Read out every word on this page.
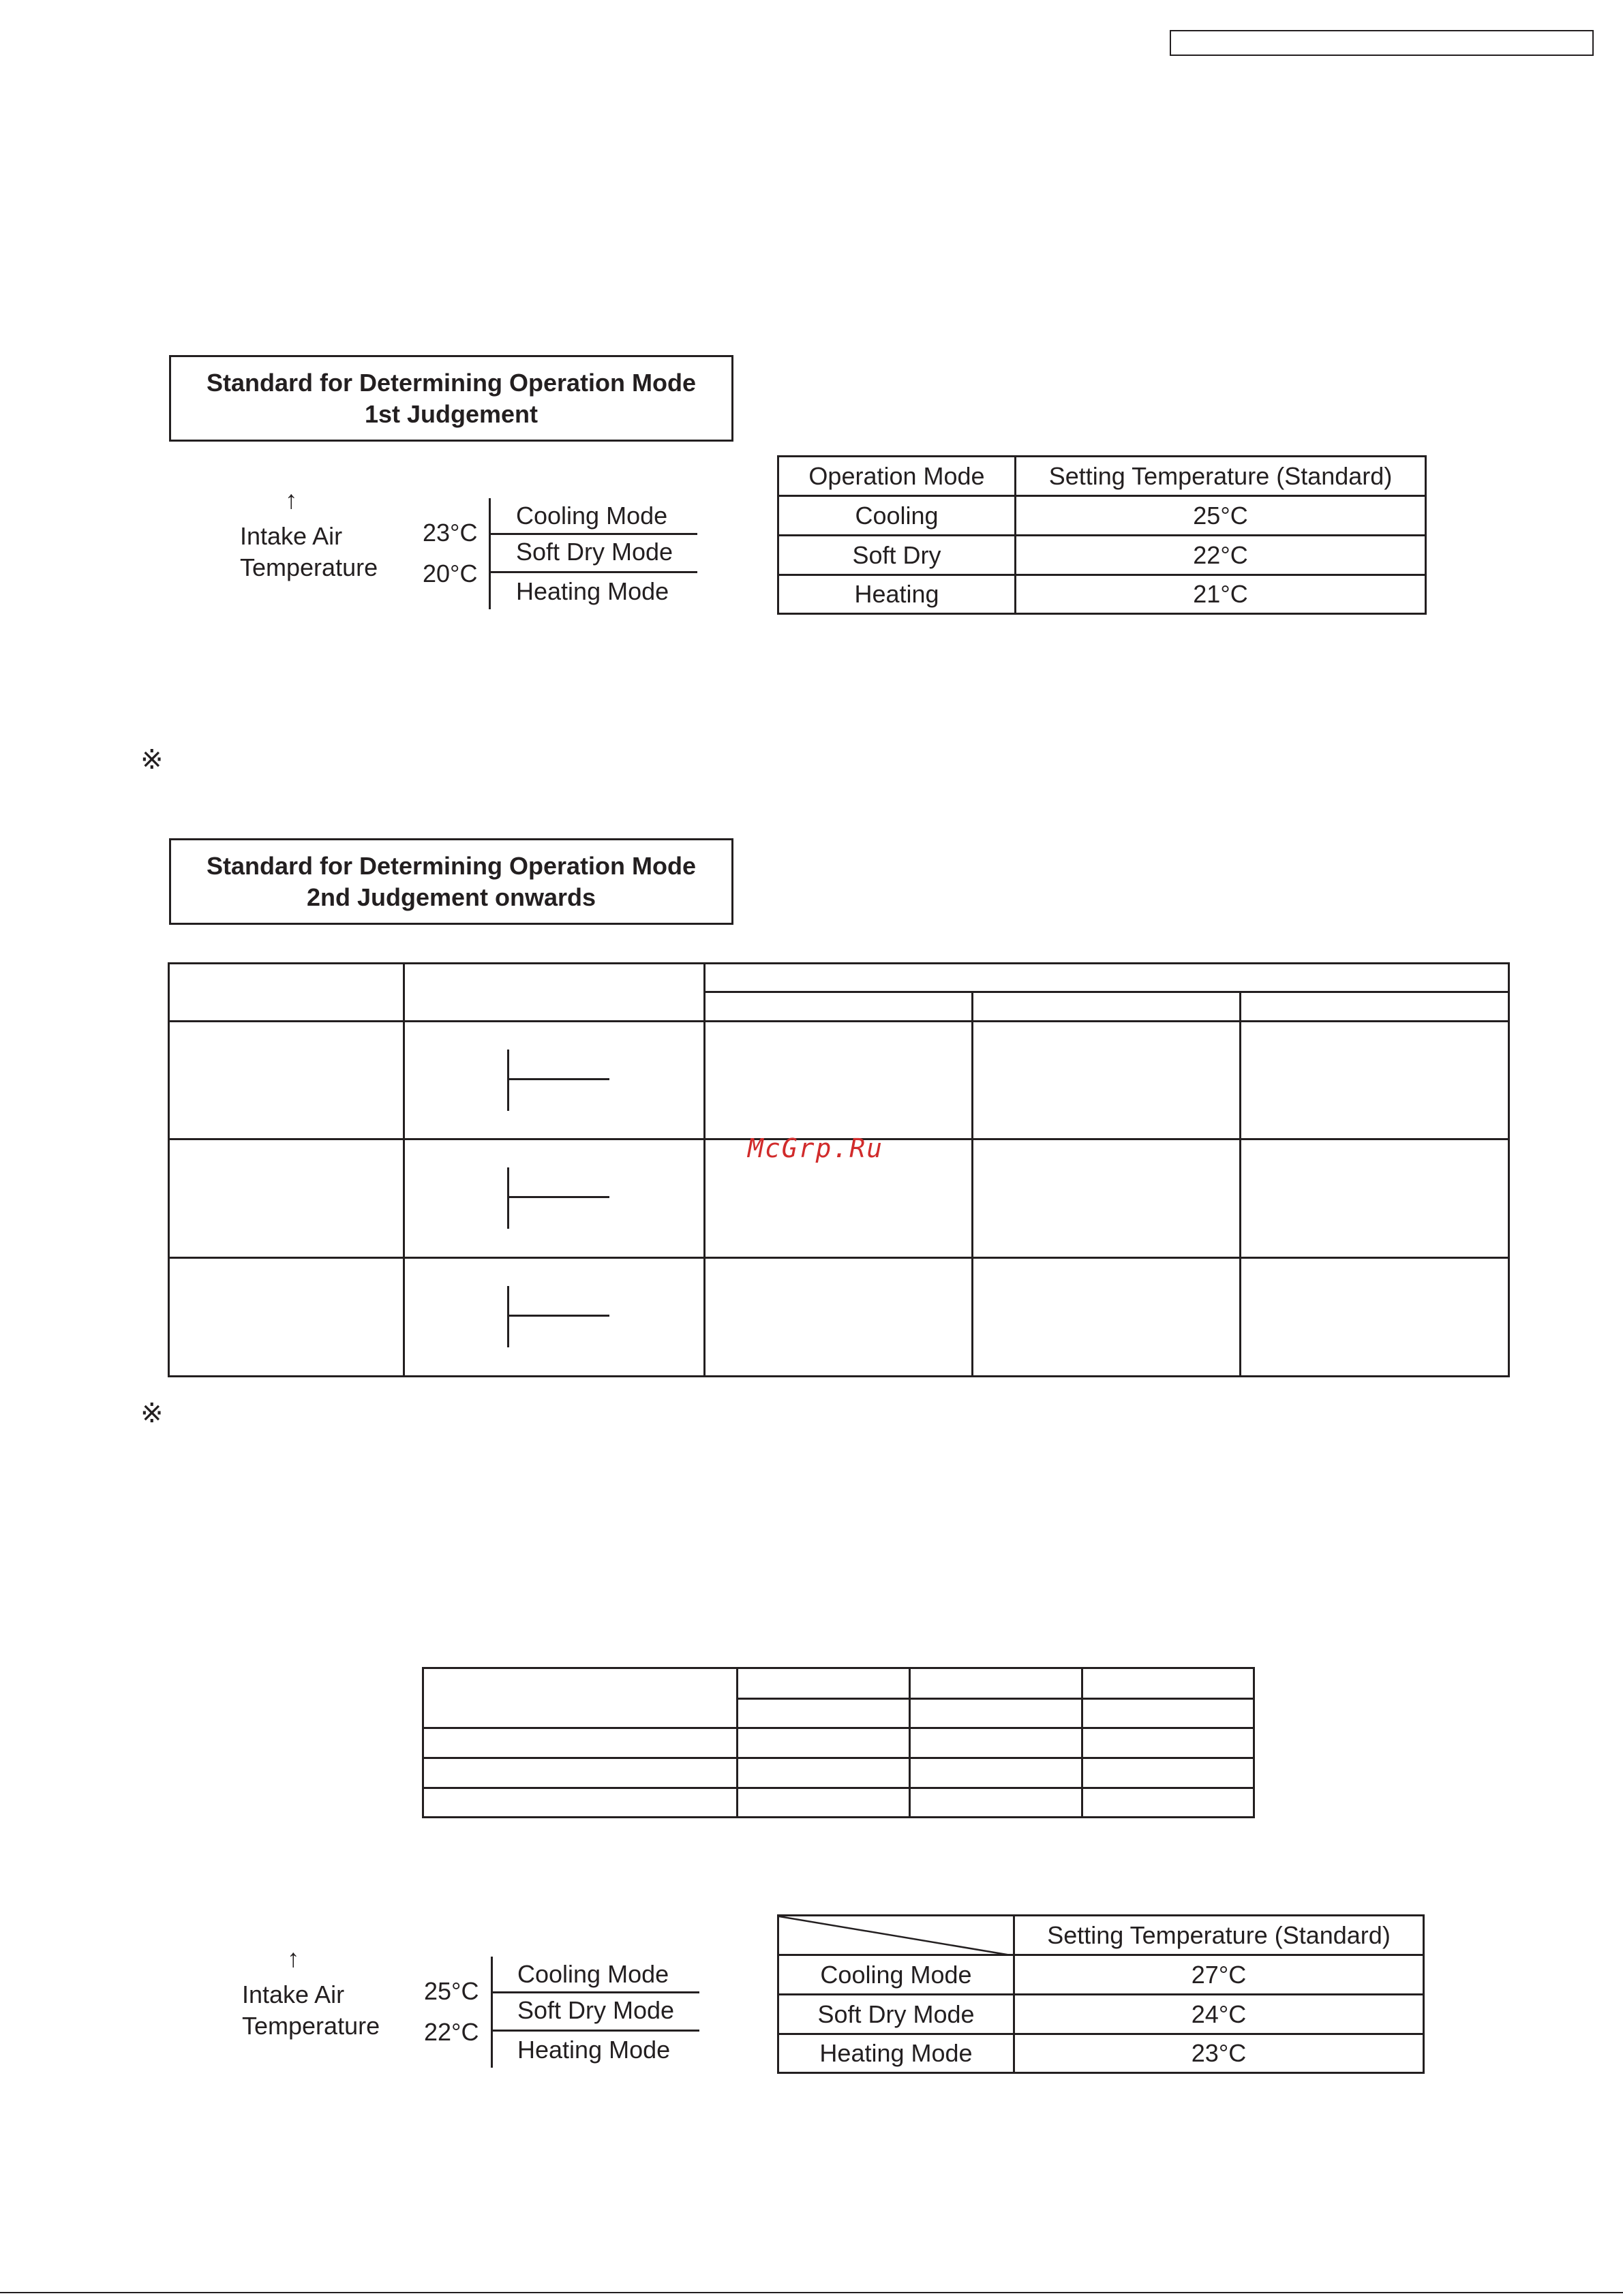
Standard for Determining Operation Mode
1st Judgement
↑
Intake Air
Temperature
23°C
20°C
Cooling Mode
Soft Dry Mode
Heating Mode
Operation Mode	Setting Temperature (Standard)
Cooling	25°C
Soft Dry	22°C
Heating	21°C
※
Standard for Determining Operation Mode
2nd Judgement onwards

McGrp.Ru
※

↑
Intake Air
Temperature
25°C
22°C
Cooling Mode
Soft Dry Mode
Heating Mode
	Setting Temperature (Standard)
Cooling Mode	27°C
Soft Dry Mode	24°C
Heating Mode	23°C
